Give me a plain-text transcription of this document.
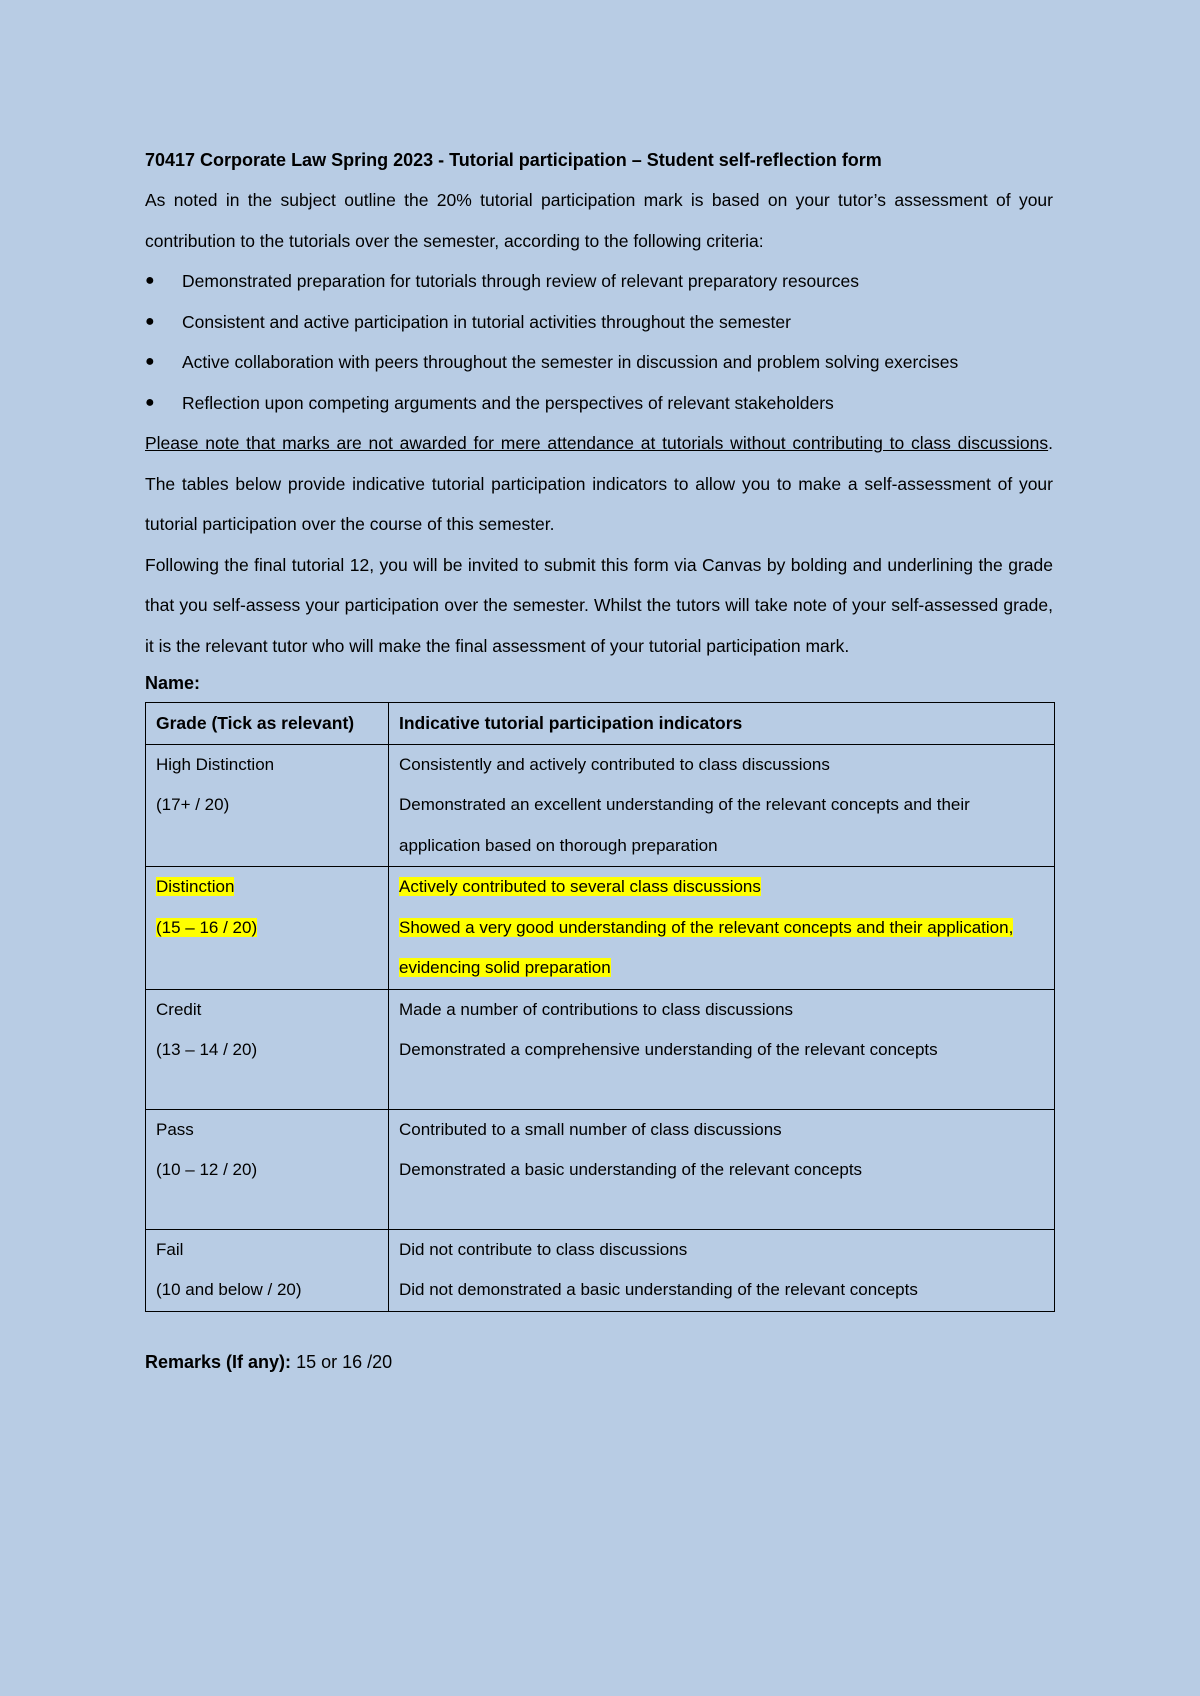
70417 Corporate Law Spring 2023 - Tutorial participation – Student self-reflection form

As noted in the subject outline the 20% tutorial participation mark is based on your tutor’s assessment of your contribution to the tutorials over the semester, according to the following criteria:

● Demonstrated preparation for tutorials through review of relevant preparatory resources
● Consistent and active participation in tutorial activities throughout the semester
● Active collaboration with peers throughout the semester in discussion and problem solving exercises
● Reflection upon competing arguments and the perspectives of relevant stakeholders

Please note that marks are not awarded for mere attendance at tutorials without contributing to class discussions. The tables below provide indicative tutorial participation indicators to allow you to make a self-assessment of your tutorial participation over the course of this semester.

Following the final tutorial 12, you will be invited to submit this form via Canvas by bolding and underlining the grade that you self-assess your participation over the semester. Whilst the tutors will take note of your self-assessed grade, it is the relevant tutor who will make the final assessment of your tutorial participation mark.

Name:
Grade (Tick as relevant)	Indicative tutorial participation indicators

High Distinction
(17+ / 20)	Consistently and actively contributed to class discussions
Demonstrated an excellent understanding of the relevant concepts and their application based on thorough preparation

Distinction
(15 – 16 / 20)	Actively contributed to several class discussions
Showed a very good understanding of the relevant concepts and their application, evidencing solid preparation

Credit
(13 – 14 / 20)	Made a number of contributions to class discussions
Demonstrated a comprehensive understanding of the relevant concepts

Pass
(10 – 12 / 20)	Contributed to a small number of class discussions
Demonstrated a basic understanding of the relevant concepts

Fail
(10 and below / 20)	Did not contribute to class discussions
Did not demonstrated a basic understanding of the relevant concepts
Remarks (If any): 15 or 16 /20
